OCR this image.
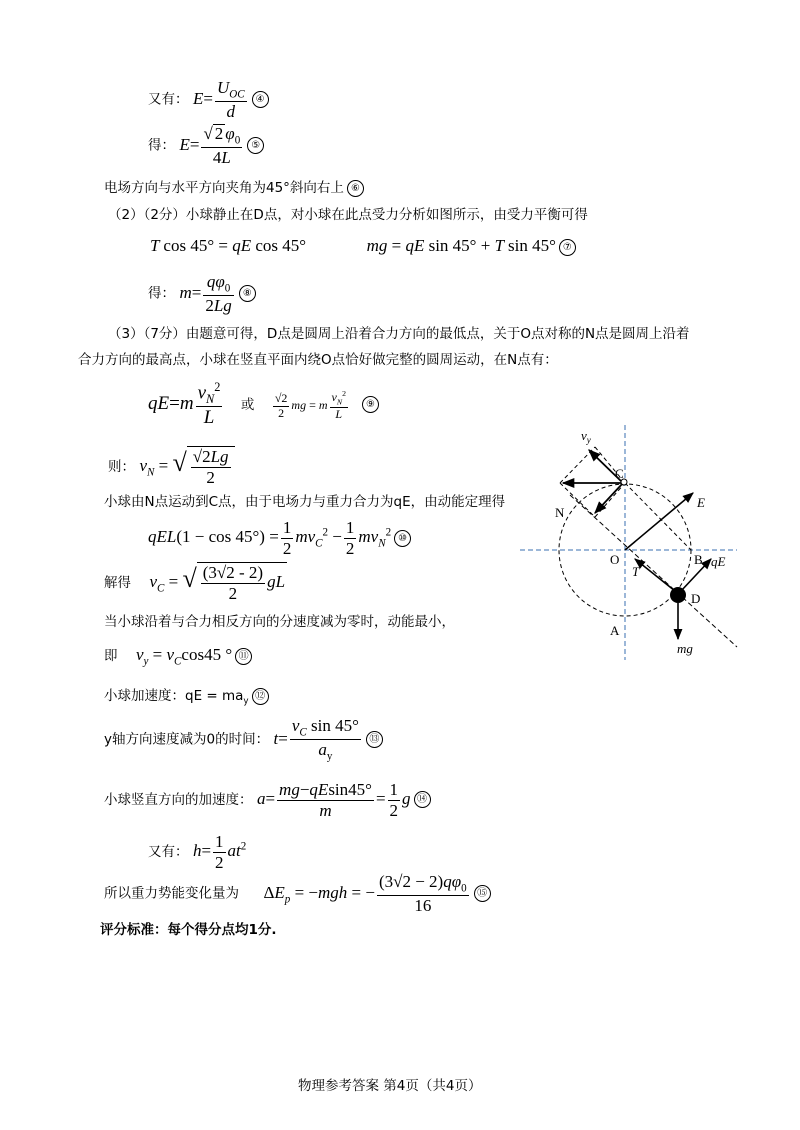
又有： $E= \frac{U_{OC}}{d}$ ④
得： $E= \frac{√ 2 \varphi_0}{4L}$ ⑤
电场方向与水平方向夹角为45°斜向右上 ⑥
（2）（2分）小球静止在D点，对小球在此点受力分析如图所示，由受力平衡可得
T cos 45° = qE cos 45°	mg = qE sin 45° + T sin 45° ⑦
得： $m= \frac{q\varphi_0}{2Lg}$ ⑧
（3）（7分）由题意可得，D点是圆周上沿着合力方向的最低点，关于O点对称的N点是圆周上沿着
合力方向的最高点，小球在竖直平面内绕O点恰好做完整的圆周运动，在N点有：
$qE=m \frac{v_N^2}{L}$ 或 $\frac{√2}{2}$ mg = m $\frac{v_N^2}{L}$ ⑨
则： $v_N$ = √ $\frac{√2Lg}{2}$
小球由N点运动到C点，由于电场力与重力合力为qE，由动能定理得
$qEL(1 - \cos 45^\circ) = \frac{1}{2} mv_C^2 - \frac{1}{2} mv_N^2$ ⑩
解得 $v_C$ = √ $\frac{(3√2 - 2)}{2}$ gL
当小球沿着与合力相反方向的分速度减为零时，动能最小，
即 $v_y = v_C\cos 45$ ° ⑪
小球加速度：qE = $ma_y⑫$
y轴方向速度减为0的时间： $t= \frac{v_C \sin 45^\circ}{a_y}$ ⑬
小球竖直方向的加速度： $a= \frac{mg-qEsin45^\circ}{m} = \frac{1}{2}$ g ⑭
又有： $h= \frac{1}{2} at^2$
所以重力势能变化量为 $\Delta E_p = -mgh$ = − $\frac{(3√2 - 2)q\varphi_0}{16}$ ⑮
评分标准：每个得分点均1分.
物理参考答案 第4页（共4页）
$v_y$
C
N
E
O
T
B qE
D
A
mg
